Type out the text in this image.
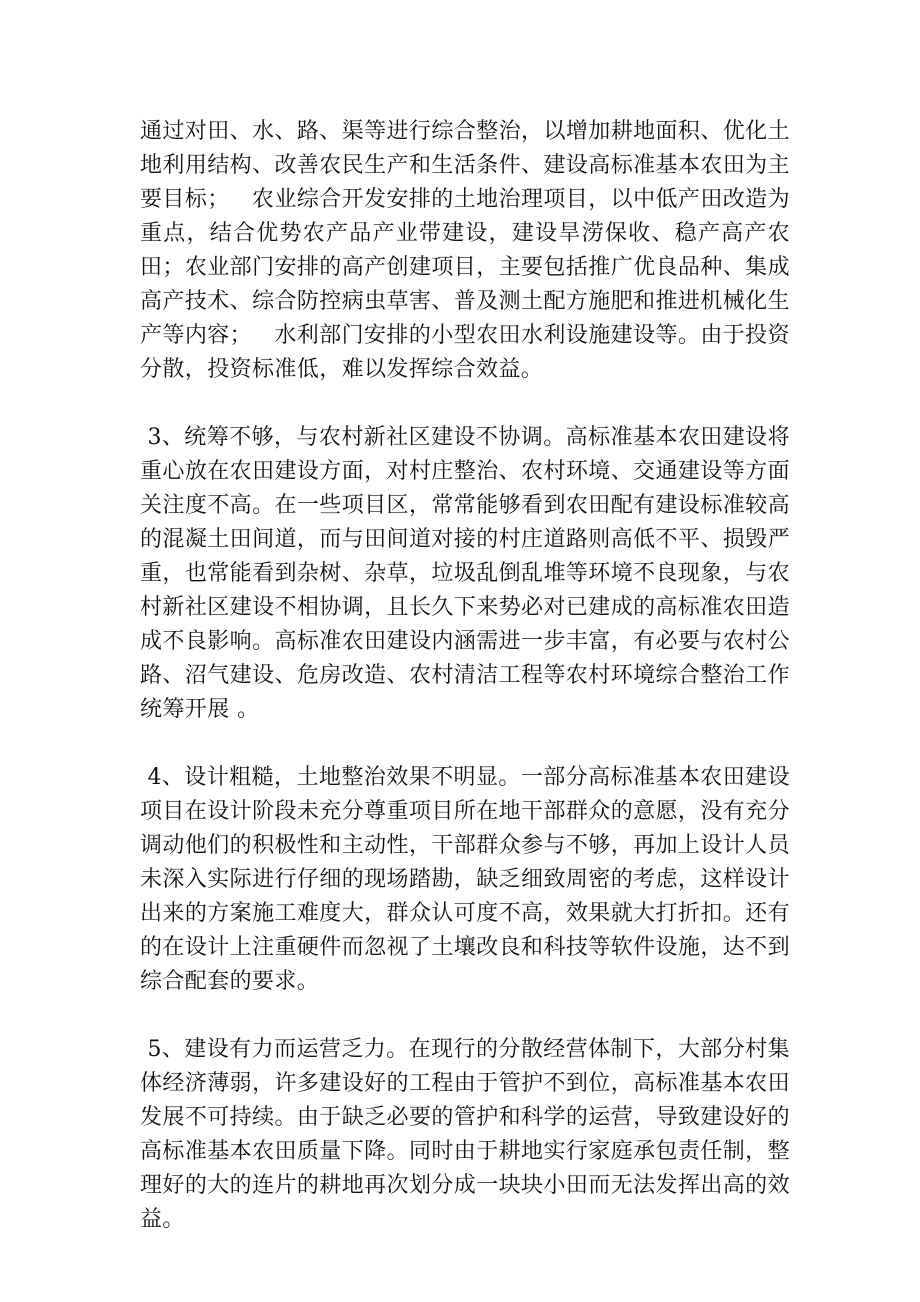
通过对田、水、路、渠等进行综合整治，以增加耕地面积、优化土地利用结构、改善农民生产和生活条件、建设高标准基本农田为主要目标；   农业综合开发安排的土地治理项目，以中低产田改造为重点，结合优势农产品产业带建设，建设旱涝保收、稳产高产农田；农业部门安排的高产创建项目，主要包括推广优良品种、集成高产技术、综合防控病虫草害、普及测土配方施肥和推进机械化生产等内容；   水利部门安排的小型农田水利设施建设等。由于投资分散，投资标准低，难以发挥综合效益。

3、统筹不够，与农村新社区建设不协调。高标准基本农田建设将重心放在农田建设方面，对村庄整治、农村环境、交通建设等方面关注度不高。在一些项目区，常常能够看到农田配有建设标准较高的混凝土田间道，而与田间道对接的村庄道路则高低不平、损毁严重，也常能看到杂树、杂草，垃圾乱倒乱堆等环境不良现象，与农村新社区建设不相协调，且长久下来势必对已建成的高标准农田造成不良影响。高标准农田建设内涵需进一步丰富，有必要与农村公路、沼气建设、危房改造、农村清洁工程等农村环境综合整治工作统筹开展 。

4、设计粗糙，土地整治效果不明显。一部分高标准基本农田建设项目在设计阶段未充分尊重项目所在地干部群众的意愿，没有充分调动他们的积极性和主动性，干部群众参与不够，再加上设计人员未深入实际进行仔细的现场踏勘，缺乏细致周密的考虑，这样设计出来的方案施工难度大，群众认可度不高，效果就大打折扣。还有的在设计上注重硬件而忽视了土壤改良和科技等软件设施，达不到综合配套的要求。

5、建设有力而运营乏力。在现行的分散经营体制下，大部分村集体经济薄弱，许多建设好的工程由于管护不到位，高标准基本农田发展不可持续。由于缺乏必要的管护和科学的运营，导致建设好的高标准基本农田质量下降。同时由于耕地实行家庭承包责任制，整理好的大的连片的耕地再次划分成一块块小田而无法发挥出高的效益。
